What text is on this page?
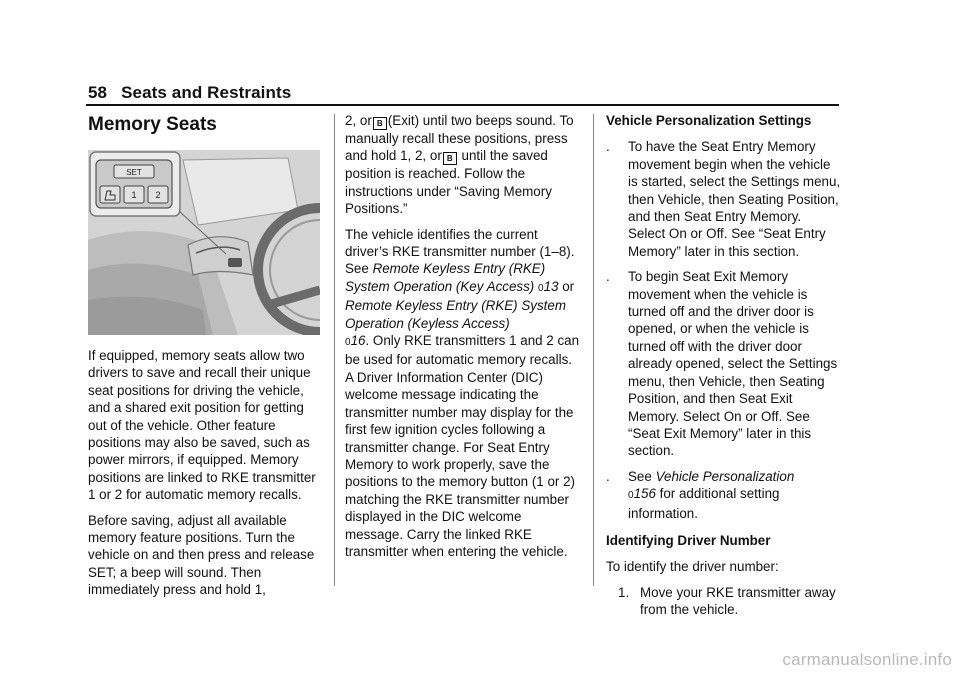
58 Seats and Restraints
Memory Seats
SET
1 2

If equipped, memory seats allow two drivers to save and recall their unique seat positions for driving the vehicle, and a shared exit position for getting out of the vehicle. Other feature positions may also be saved, such as power mirrors, if equipped. Memory positions are linked to RKE transmitter 1 or 2 for automatic memory recalls.

Before saving, adjust all available memory feature positions. Turn the vehicle on and then press and release SET; a beep will sound. Then immediately press and hold 1,

2, or B (Exit) until two beeps sound. To manually recall these positions, press and hold 1, 2, or B until the saved position is reached. Follow the instructions under “Saving Memory Positions.”

The vehicle identifies the current driver’s RKE transmitter number (1–8). See Remote Keyless Entry (RKE) System Operation (Key Access) 013 or
Remote Keyless Entry (RKE) System Operation (Keyless Access)
016. Only RKE transmitters 1 and 2 can be used for automatic memory recalls. A Driver Information Center (DIC) welcome message indicating the transmitter number may display for the first few ignition cycles following a transmitter change. For Seat Entry Memory to work properly, save the positions to the memory button (1 or 2) matching the RKE transmitter number displayed in the DIC welcome message. Carry the linked RKE transmitter when entering the vehicle.

Vehicle Personalization Settings
.	To have the Seat Entry Memory movement begin when the vehicle is started, select the Settings menu, then Vehicle, then Seating Position, and then Seat Entry Memory. Select On or Off. See “Seat Entry Memory” later in this section.
.	To begin Seat Exit Memory movement when the vehicle is turned off and the driver door is opened, or when the vehicle is turned off with the driver door already opened, select the Settings menu, then Vehicle, then Seating Position, and then Seat Exit Memory. Select On or Off. See “Seat Exit Memory” later in this section.
.	See Vehicle Personalization
0156 for additional setting information.
Identifying Driver Number

To identify the driver number:

1. Move your RKE transmitter away from the vehicle.
carmanualsonline.info
